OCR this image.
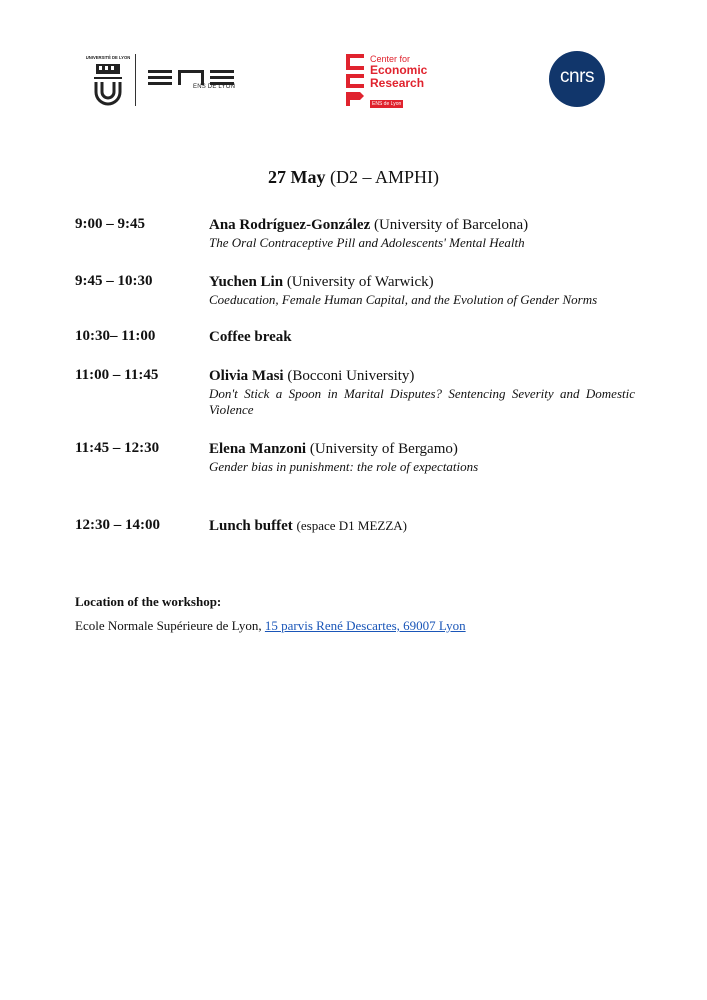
UNIVERSITÉ DE LYON
ENS DE LYON
Center for
Economic
Research
ENS de Lyon
cnrs
27 May (D2 – AMPHI)
9:00 – 9:45	Ana Rodríguez-González (University of Barcelona)
The Oral Contraceptive Pill and Adolescents' Mental Health
9:45 – 10:30	Yuchen Lin (University of Warwick)
Coeducation, Female Human Capital, and the Evolution of Gender Norms
10:30– 11:00	Coffee break
11:00 – 11:45	Olivia Masi (Bocconi University)
Don't Stick a Spoon in Marital Disputes? Sentencing Severity and Domestic Violence
11:45 – 12:30	Elena Manzoni (University of Bergamo)
Gender bias in punishment: the role of expectations
12:30 – 14:00	Lunch buffet (espace D1 MEZZA)
Location of the workshop:
Ecole Normale Supérieure de Lyon, 15 parvis René Descartes, 69007 Lyon
